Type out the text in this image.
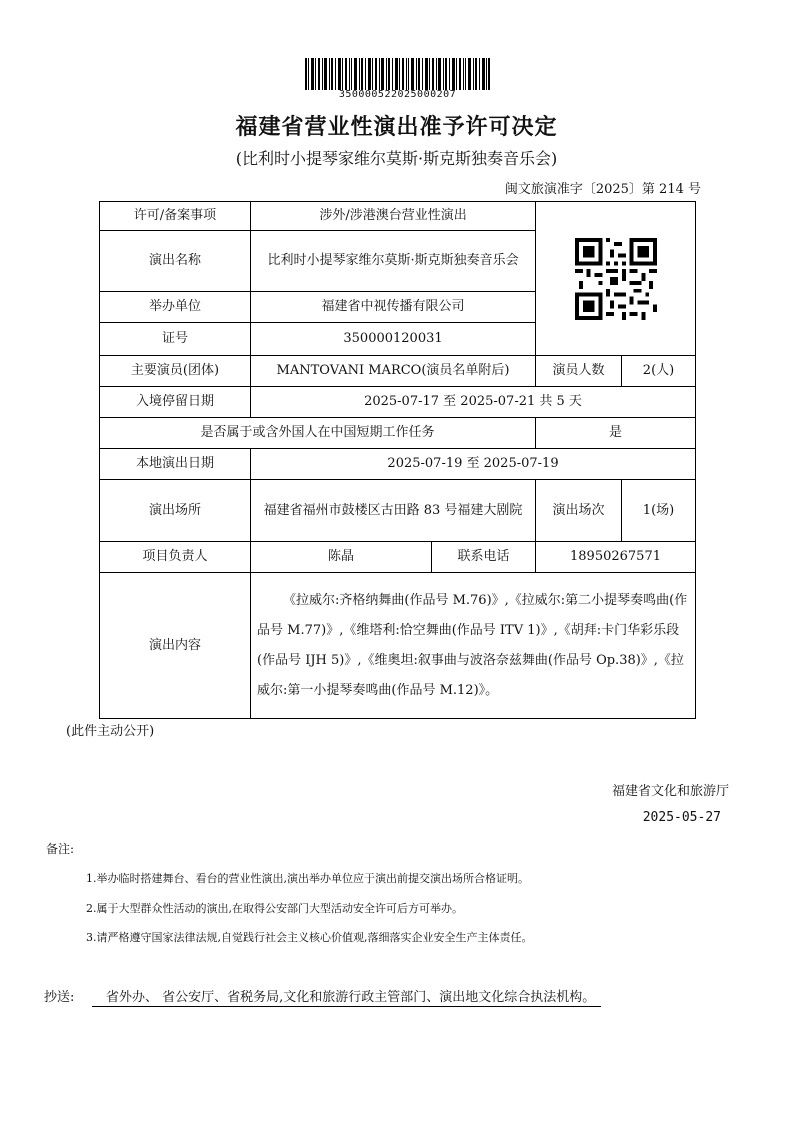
350000522025000207
福建省营业性演出准予许可决定
(比利时小提琴家维尔莫斯·斯克斯独奏音乐会)
闽文旅演准字〔2025〕第 214 号
许可/备案事项	涉外/涉港澳台营业性演出	

演出名称	比利时小提琴家维尔莫斯·斯克斯独奏音乐会			
举办单位	福建省中视传播有限公司			
证号	350000120031			
主要演员(团体)	MANTOVANI MARCO(演员名单附后)		演员人数	2(人)
入境停留日期	2025-07-17 至 2025-07-21 共 5 天			
是否属于或含外国人在中国短期工作任务			是	
本地演出日期	2025-07-19 至 2025-07-19			
演出场所	福建省福州市鼓楼区古田路 83 号福建大剧院		演出场次	1(场)
项目负责人	陈晶	联系电话	18950267571	
演出内容	《拉威尔:齐格纳舞曲(作品号 M.76)》,《拉威尔:第二小提琴奏鸣曲(作品号 M.77)》,《维塔利:恰空舞曲(作品号 ITV 1)》,《胡拜:卡门华彩乐段(作品号 IJH 5)》,《维奥坦:叙事曲与波洛奈兹舞曲(作品号 Op.38)》,《拉威尔:第一小提琴奏鸣曲(作品号 M.12)》。			
(此件主动公开)
福建省文化和旅游厅
2025-05-27
备注:
1.举办临时搭建舞台、看台的营业性演出,演出举办单位应于演出前提交演出场所合格证明。
2.属于大型群众性活动的演出,在取得公安部门大型活动安全许可后方可举办。
3.请严格遵守国家法律法规,自觉践行社会主义核心价值观,落细落实企业安全生产主体责任。
抄送:	省外办、 省公安厅、省税务局,文化和旅游行政主管部门、演出地文化综合执法机构。
